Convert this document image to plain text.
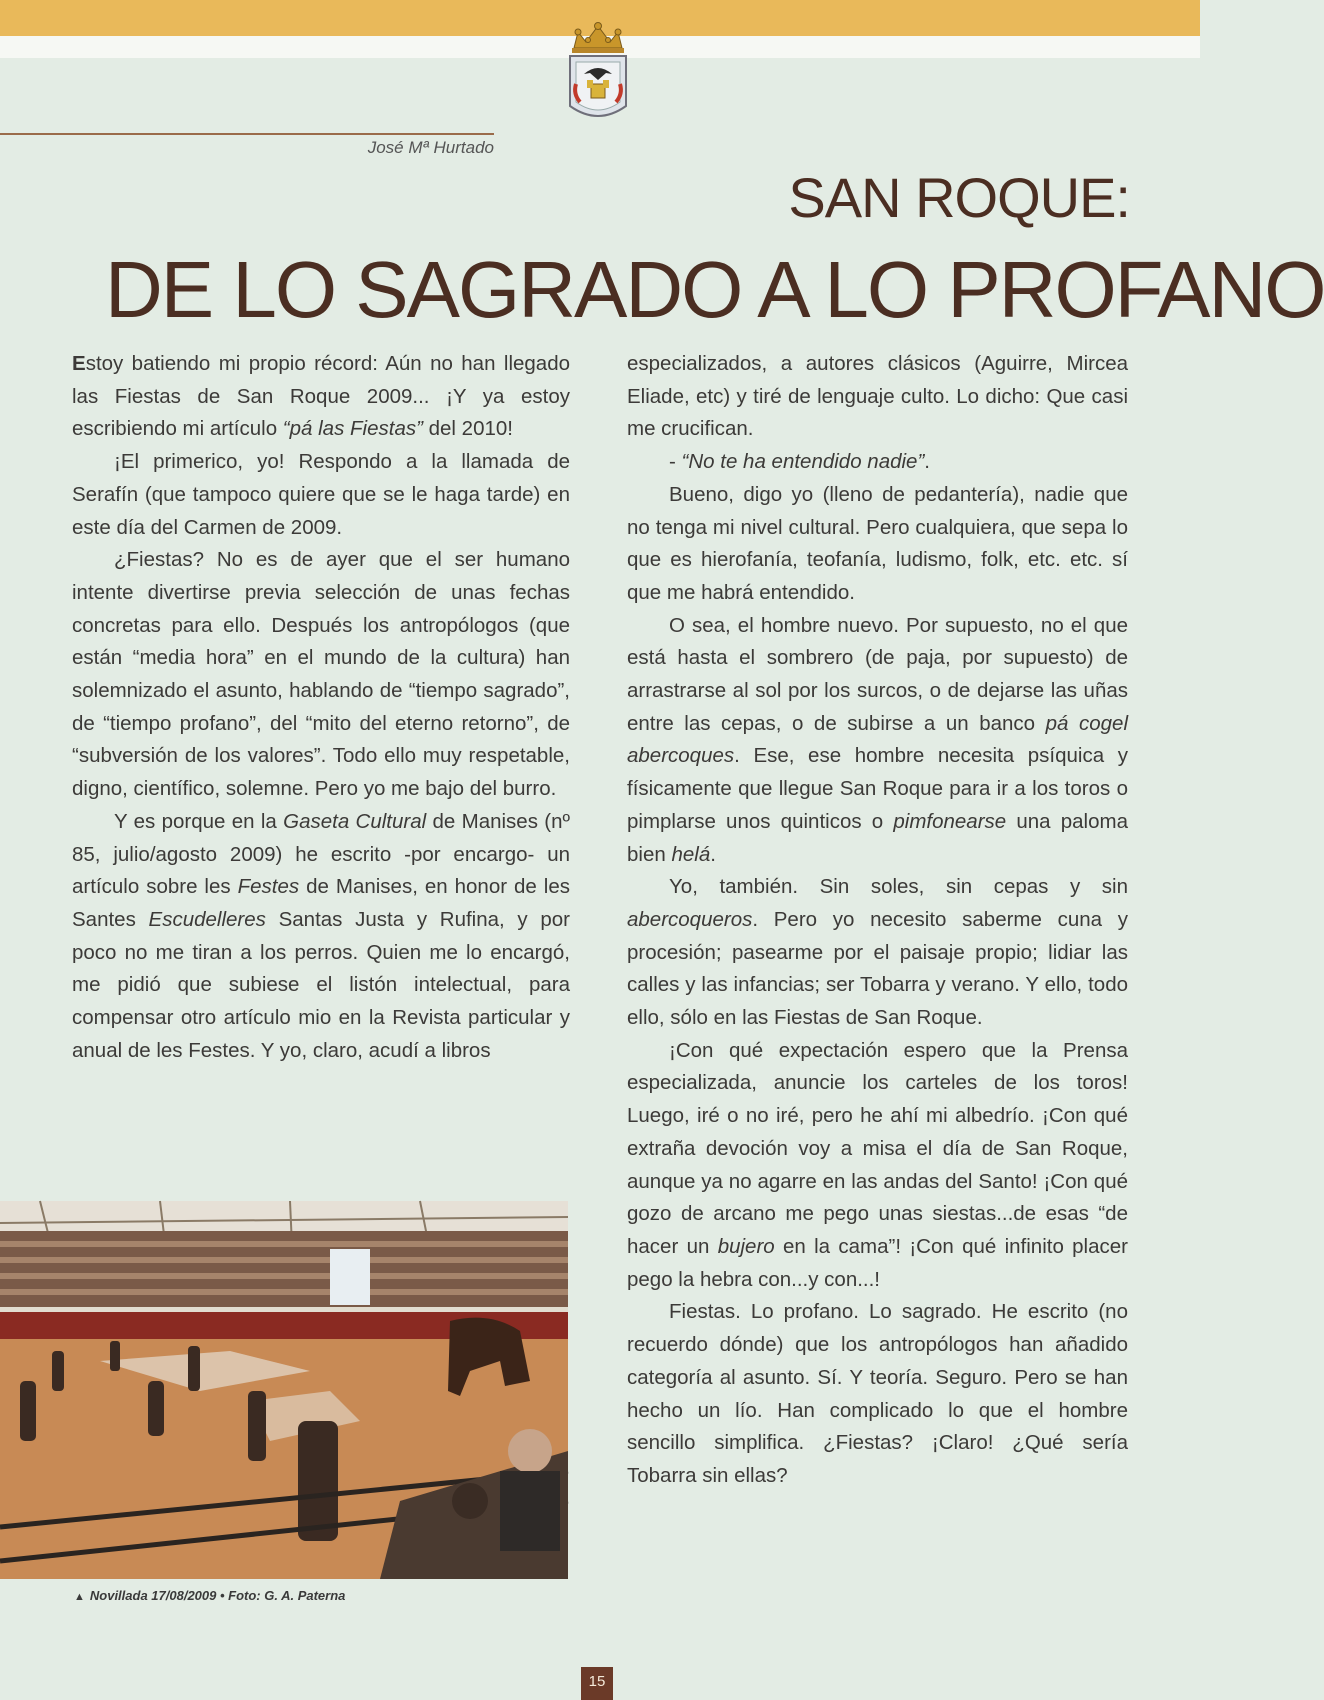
José Mª Hurtado
SAN ROQUE:
DE LO SAGRADO A LO PROFANO

Estoy batiendo mi propio récord: Aún no han llegado las Fiestas de San Roque 2009... ¡Y ya estoy escribiendo mi artículo “pá las Fiestas” del 2010!

¡El primerico, yo! Respondo a la llamada de Serafín (que tampoco quiere que se le haga tarde) en este día del Carmen de 2009.

¿Fiestas? No es de ayer que el ser humano intente divertirse previa selección de unas fechas concretas para ello. Después los antropólogos (que están “media hora” en el mundo de la cultura) han solemnizado el asunto, hablando de “tiempo sagrado”, de “tiempo profano”, del “mito del eterno retorno”, de “subversión de los valores”. Todo ello muy respetable, digno, científico, solemne. Pero yo me bajo del burro.

Y es porque en la Gaseta Cultural de Manises (nº 85, julio/agosto 2009) he escrito -por encargo- un artículo sobre les Festes de Manises, en honor de les Santes Escudelleres Santas Justa y Rufina, y por poco no me tiran a los perros. Quien me lo encargó, me pidió que subiese el listón intelectual, para compensar otro artículo mio en la Revista particular y anual de les Festes. Y yo, claro, acudí a libros

especializados, a autores clásicos (Aguirre, Mircea Eliade, etc) y tiré de lenguaje culto. Lo dicho: Que casi me crucifican.

- “No te ha entendido nadie”.

Bueno, digo yo (lleno de pedantería), nadie que no tenga mi nivel cultural. Pero cualquiera, que sepa lo que es hierofanía, teofanía, ludismo, folk, etc. etc. sí que me habrá entendido.

O sea, el hombre nuevo. Por supuesto, no el que está hasta el sombrero (de paja, por supuesto) de arrastrarse al sol por los surcos, o de dejarse las uñas entre las cepas, o de subirse a un banco pá cogel abercoques. Ese, ese hombre necesita psíquica y físicamente que llegue San Roque para ir a los toros o pimplarse unos quinticos o pimfonearse una paloma bien helá.

Yo, también. Sin soles, sin cepas y sin abercoqueros. Pero yo necesito saberme cuna y procesión; pasearme por el paisaje propio; lidiar las calles y las infancias; ser Tobarra y verano. Y ello, todo ello, sólo en las Fiestas de San Roque.

¡Con qué expectación espero que la Prensa especializada, anuncie los carteles de los toros! Luego, iré o no iré, pero he ahí mi albedrío. ¡Con qué extraña devoción voy a misa el día de San Roque, aunque ya no agarre en las andas del Santo! ¡Con qué gozo de arcano me pego unas siestas...de esas “de hacer un bujero en la cama”! ¡Con qué infinito placer pego la hebra con...y con...!

Fiestas. Lo profano. Lo sagrado. He escrito (no recuerdo dónde) que los antropólogos han añadido categoría al asunto. Sí. Y teoría. Seguro. Pero se han hecho un lío. Han complicado lo que el hombre sencillo simplifica. ¿Fiestas? ¡Claro! ¿Qué sería Tobarra sin ellas?

▲ Novillada 17/08/2009 • Foto: G. A. Paterna
15
